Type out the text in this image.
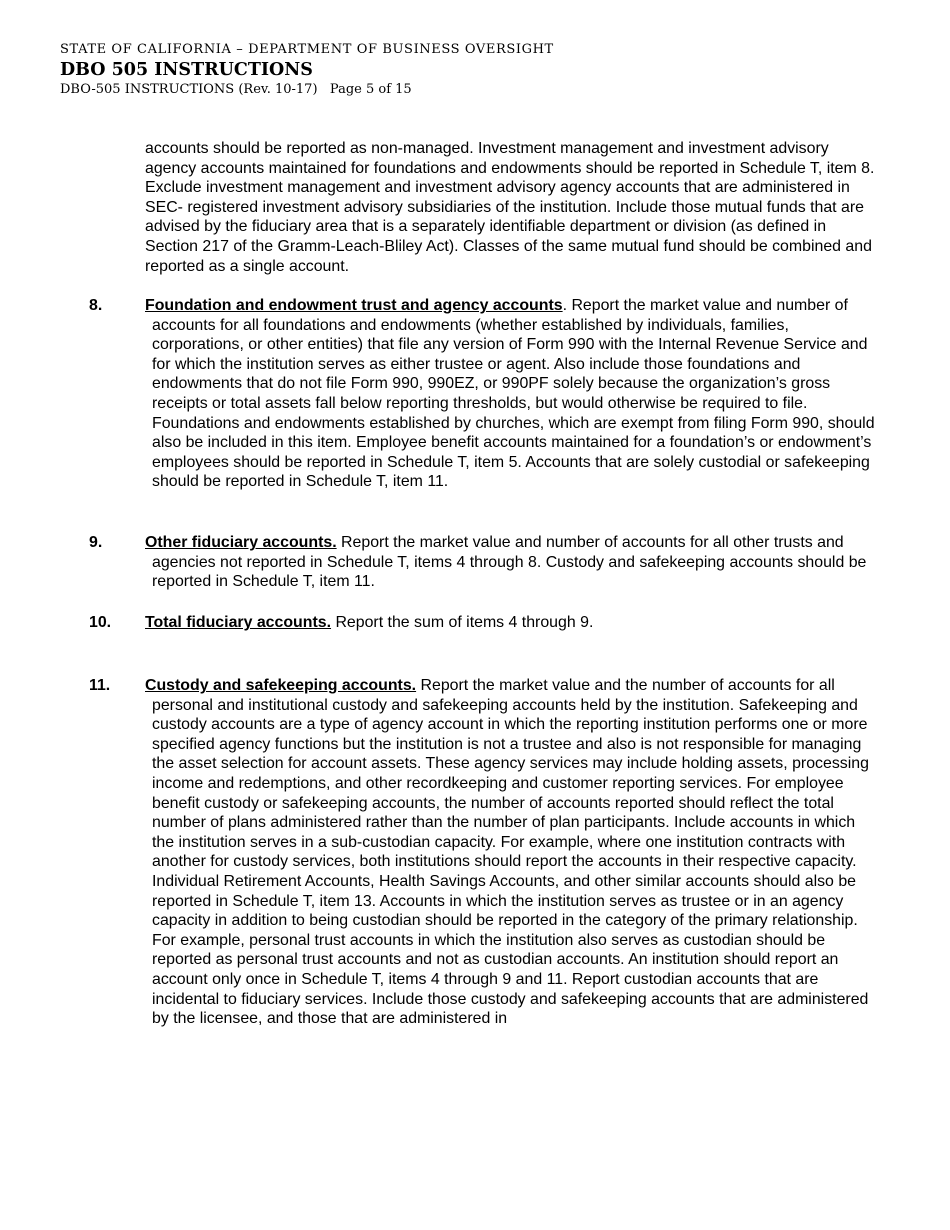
STATE OF CALIFORNIA – DEPARTMENT OF BUSINESS OVERSIGHT
DBO 505 INSTRUCTIONS
DBO-505 INSTRUCTIONS (Rev. 10-17) Page 5 of 15
accounts should be reported as non-managed. Investment management and investment advisory agency accounts maintained for foundations and endowments should be reported in Schedule T, item 8. Exclude investment management and investment advisory agency accounts that are administered in SEC- registered investment advisory subsidiaries of the institution. Include those mutual funds that are advised by the fiduciary area that is a separately identifiable department or division (as defined in Section 217 of the Gramm-Leach-Bliley Act). Classes of the same mutual fund should be combined and reported as a single account.
8.	Foundation and endowment trust and agency accounts. Report the market value and number of accounts for all foundations and endowments (whether established by individuals, families, corporations, or other entities) that file any version of Form 990 with the Internal Revenue Service and for which the institution serves as either trustee or agent. Also include those foundations and endowments that do not file Form 990, 990EZ, or 990PF solely because the organization’s gross receipts or total assets fall below reporting thresholds, but would otherwise be required to file. Foundations and endowments established by churches, which are exempt from filing Form 990, should also be included in this item. Employee benefit accounts maintained for a foundation’s or endowment’s employees should be reported in Schedule T, item 5. Accounts that are solely custodial or safekeeping should be reported in Schedule T, item 11.
9.	Other fiduciary accounts. Report the market value and number of accounts for all other trusts and agencies not reported in Schedule T, items 4 through 8. Custody and safekeeping accounts should be reported in Schedule T, item 11.
10. Total fiduciary accounts. Report the sum of items 4 through 9.
11. Custody and safekeeping accounts. Report the market value and the number of accounts for all personal and institutional custody and safekeeping accounts held by the institution. Safekeeping and custody accounts are a type of agency account in which the reporting institution performs one or more specified agency functions but the institution is not a trustee and also is not responsible for managing the asset selection for account assets. These agency services may include holding assets, processing income and redemptions, and other recordkeeping and customer reporting services. For employee benefit custody or safekeeping accounts, the number of accounts reported should reflect the total number of plans administered rather than the number of plan participants. Include accounts in which the institution serves in a sub-custodian capacity. For example, where one institution contracts with another for custody services, both institutions should report the accounts in their respective capacity. Individual Retirement Accounts, Health Savings Accounts, and other similar accounts should also be reported in Schedule T, item 13. Accounts in which the institution serves as trustee or in an agency capacity in addition to being custodian should be reported in the category of the primary relationship. For example, personal trust accounts in which the institution also serves as custodian should be reported as personal trust accounts and not as custodian accounts. An institution should report an account only once in Schedule T, items 4 through 9 and 11. Report custodian accounts that are incidental to fiduciary services. Include those custody and safekeeping accounts that are administered by the licensee, and those that are administered in
